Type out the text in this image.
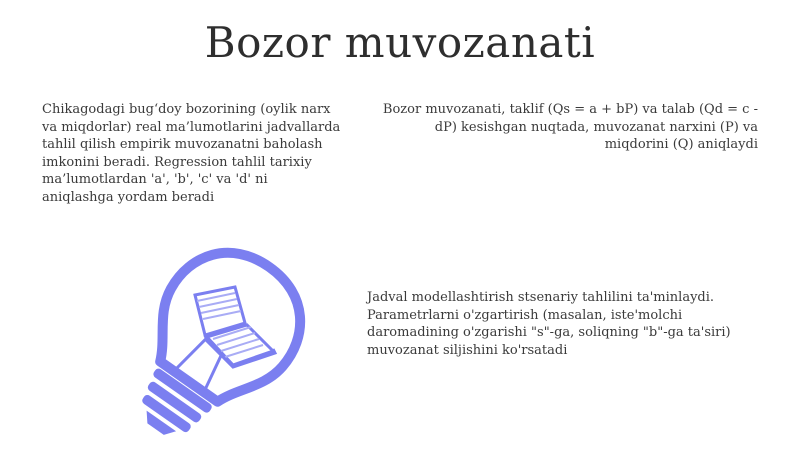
Bozor muvozanati
Chikagodagi bug‘doy bozorining (oylik narx va miqdorlar) real ma’lumotlarini jadvallarda tahlil qilish empirik muvozanatni baholash imkonini beradi. Regression tahlil tarixiy ma’lumotlardan 'a', 'b', 'c' va 'd' ni aniqlashga yordam beradi
Bozor muvozanati, taklif (Qs = a + bP) va talab (Qd = c - dP) kesishgan nuqtada, muvozanat narxini (P) va miqdorini (Q) aniqlaydi
Jadval modellashtirish stsenariy tahlilini ta'minlaydi. Parametrlarni o'zgartirish (masalan, iste'molchi daromadining o'zgarishi "s"-ga, soliqning "b"-ga ta'siri) muvozanat siljishini ko'rsatadi
